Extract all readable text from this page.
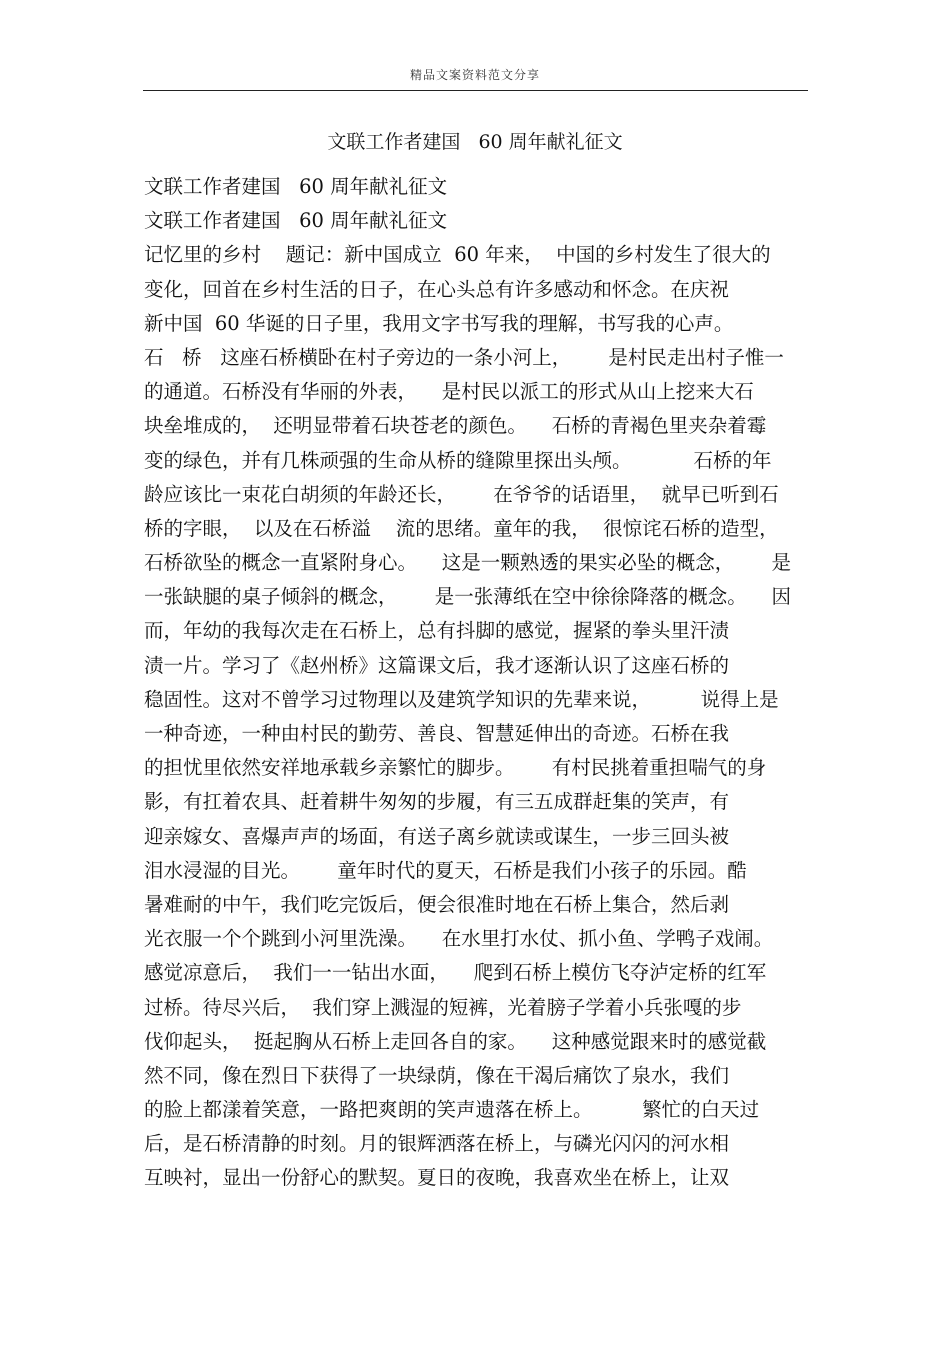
精品文案资料范文分享
文联工作者建国   60 周年献礼征文
文联工作者建国   60 周年献礼征文
文联工作者建国   60 周年献礼征文
记忆里的乡村    题记：新中国成立  60 年来，  中国的乡村发生了很大的
变化，回首在乡村生活的日子，在心头总有许多感动和怀念。在庆祝
新中国  60 华诞的日子里，我用文字书写我的理解，书写我的心声。
石   桥   这座石桥横卧在村子旁边的一条小河上，      是村民走出村子惟一
的通道。石桥没有华丽的外表，    是村民以派工的形式从山上挖来大石
块垒堆成的，  还明显带着石块苍老的颜色。    石桥的青褐色里夹杂着霉
变的绿色，并有几株顽强的生命从桥的缝隙里探出头颅。          石桥的年
龄应该比一束花白胡须的年龄还长，      在爷爷的话语里，  就早已听到石
桥的字眼，  以及在石桥溢    流的思绪。童年的我，  很惊诧石桥的造型，
石桥欲坠的概念一直紧附身心。    这是一颗熟透的果实必坠的概念，      是
一张缺腿的桌子倾斜的概念，      是一张薄纸在空中徐徐降落的概念。    因
而，年幼的我每次走在石桥上，总有抖脚的感觉，握紧的拳头里汗渍
渍一片。学习了《赵州桥》这篇课文后，我才逐渐认识了这座石桥的
稳固性。这对不曾学习过物理以及建筑学知识的先辈来说，        说得上是
一种奇迹，一种由村民的勤劳、善良、智慧延伸出的奇迹。石桥在我
的担忧里依然安祥地承载乡亲繁忙的脚步。      有村民挑着重担喘气的身
影，有扛着农具、赶着耕牛匆匆的步履，有三五成群赶集的笑声，有
迎亲嫁女、喜爆声声的场面，有送子离乡就读或谋生，一步三回头被
泪水浸湿的目光。      童年时代的夏天，石桥是我们小孩子的乐园。酷
暑难耐的中午，我们吃完饭后，便会很准时地在石桥上集合，然后剥
光衣服一个个跳到小河里洗澡。    在水里打水仗、抓小鱼、学鸭子戏闹。
感觉凉意后，  我们一一钻出水面，    爬到石桥上模仿飞夺泸定桥的红军
过桥。待尽兴后，  我们穿上溅湿的短裤，光着膀子学着小兵张嘎的步
伐仰起头，  挺起胸从石桥上走回各自的家。    这种感觉跟来时的感觉截
然不同，像在烈日下获得了一块绿荫，像在干渴后痛饮了泉水，我们
的脸上都漾着笑意，一路把爽朗的笑声遗落在桥上。        繁忙的白天过
后，是石桥清静的时刻。月的银辉洒落在桥上，与磷光闪闪的河水相
互映衬，显出一份舒心的默契。夏日的夜晚，我喜欢坐在桥上，让双
